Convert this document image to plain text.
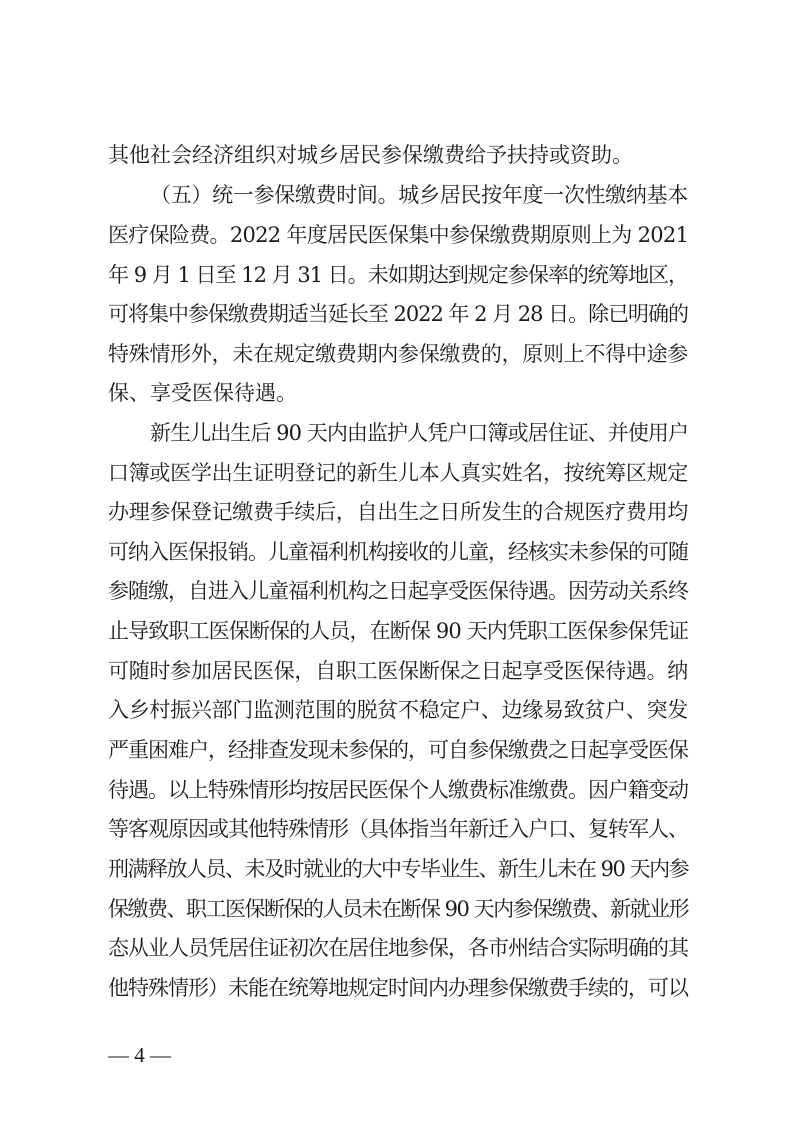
其他社会经济组织对城乡居民参保缴费给予扶持或资助。
（五）统一参保缴费时间。城乡居民按年度一次性缴纳基本
医疗保险费。2022 年度居民医保集中参保缴费期原则上为 2021
年 9 月 1 日至 12 月 31 日。未如期达到规定参保率的统筹地区，
可将集中参保缴费期适当延长至 2022 年 2 月 28 日。除已明确的
特殊情形外，未在规定缴费期内参保缴费的，原则上不得中途参
保、享受医保待遇。
新生儿出生后 90 天内由监护人凭户口簿或居住证、并使用户
口簿或医学出生证明登记的新生儿本人真实姓名，按统筹区规定
办理参保登记缴费手续后，自出生之日所发生的合规医疗费用均
可纳入医保报销。儿童福利机构接收的儿童，经核实未参保的可随
参随缴，自进入儿童福利机构之日起享受医保待遇。因劳动关系终
止导致职工医保断保的人员，在断保 90 天内凭职工医保参保凭证
可随时参加居民医保，自职工医保断保之日起享受医保待遇。纳
入乡村振兴部门监测范围的脱贫不稳定户、边缘易致贫户、突发
严重困难户，经排查发现未参保的，可自参保缴费之日起享受医保
待遇。以上特殊情形均按居民医保个人缴费标准缴费。因户籍变动
等客观原因或其他特殊情形（具体指当年新迁入户口、复转军人、
刑满释放人员、未及时就业的大中专毕业生、新生儿未在 90 天内参
保缴费、职工医保断保的人员未在断保 90 天内参保缴费、新就业形
态从业人员凭居住证初次在居住地参保，各市州结合实际明确的其
他特殊情形）未能在统筹地规定时间内办理参保缴费手续的，可以
— 4 —
